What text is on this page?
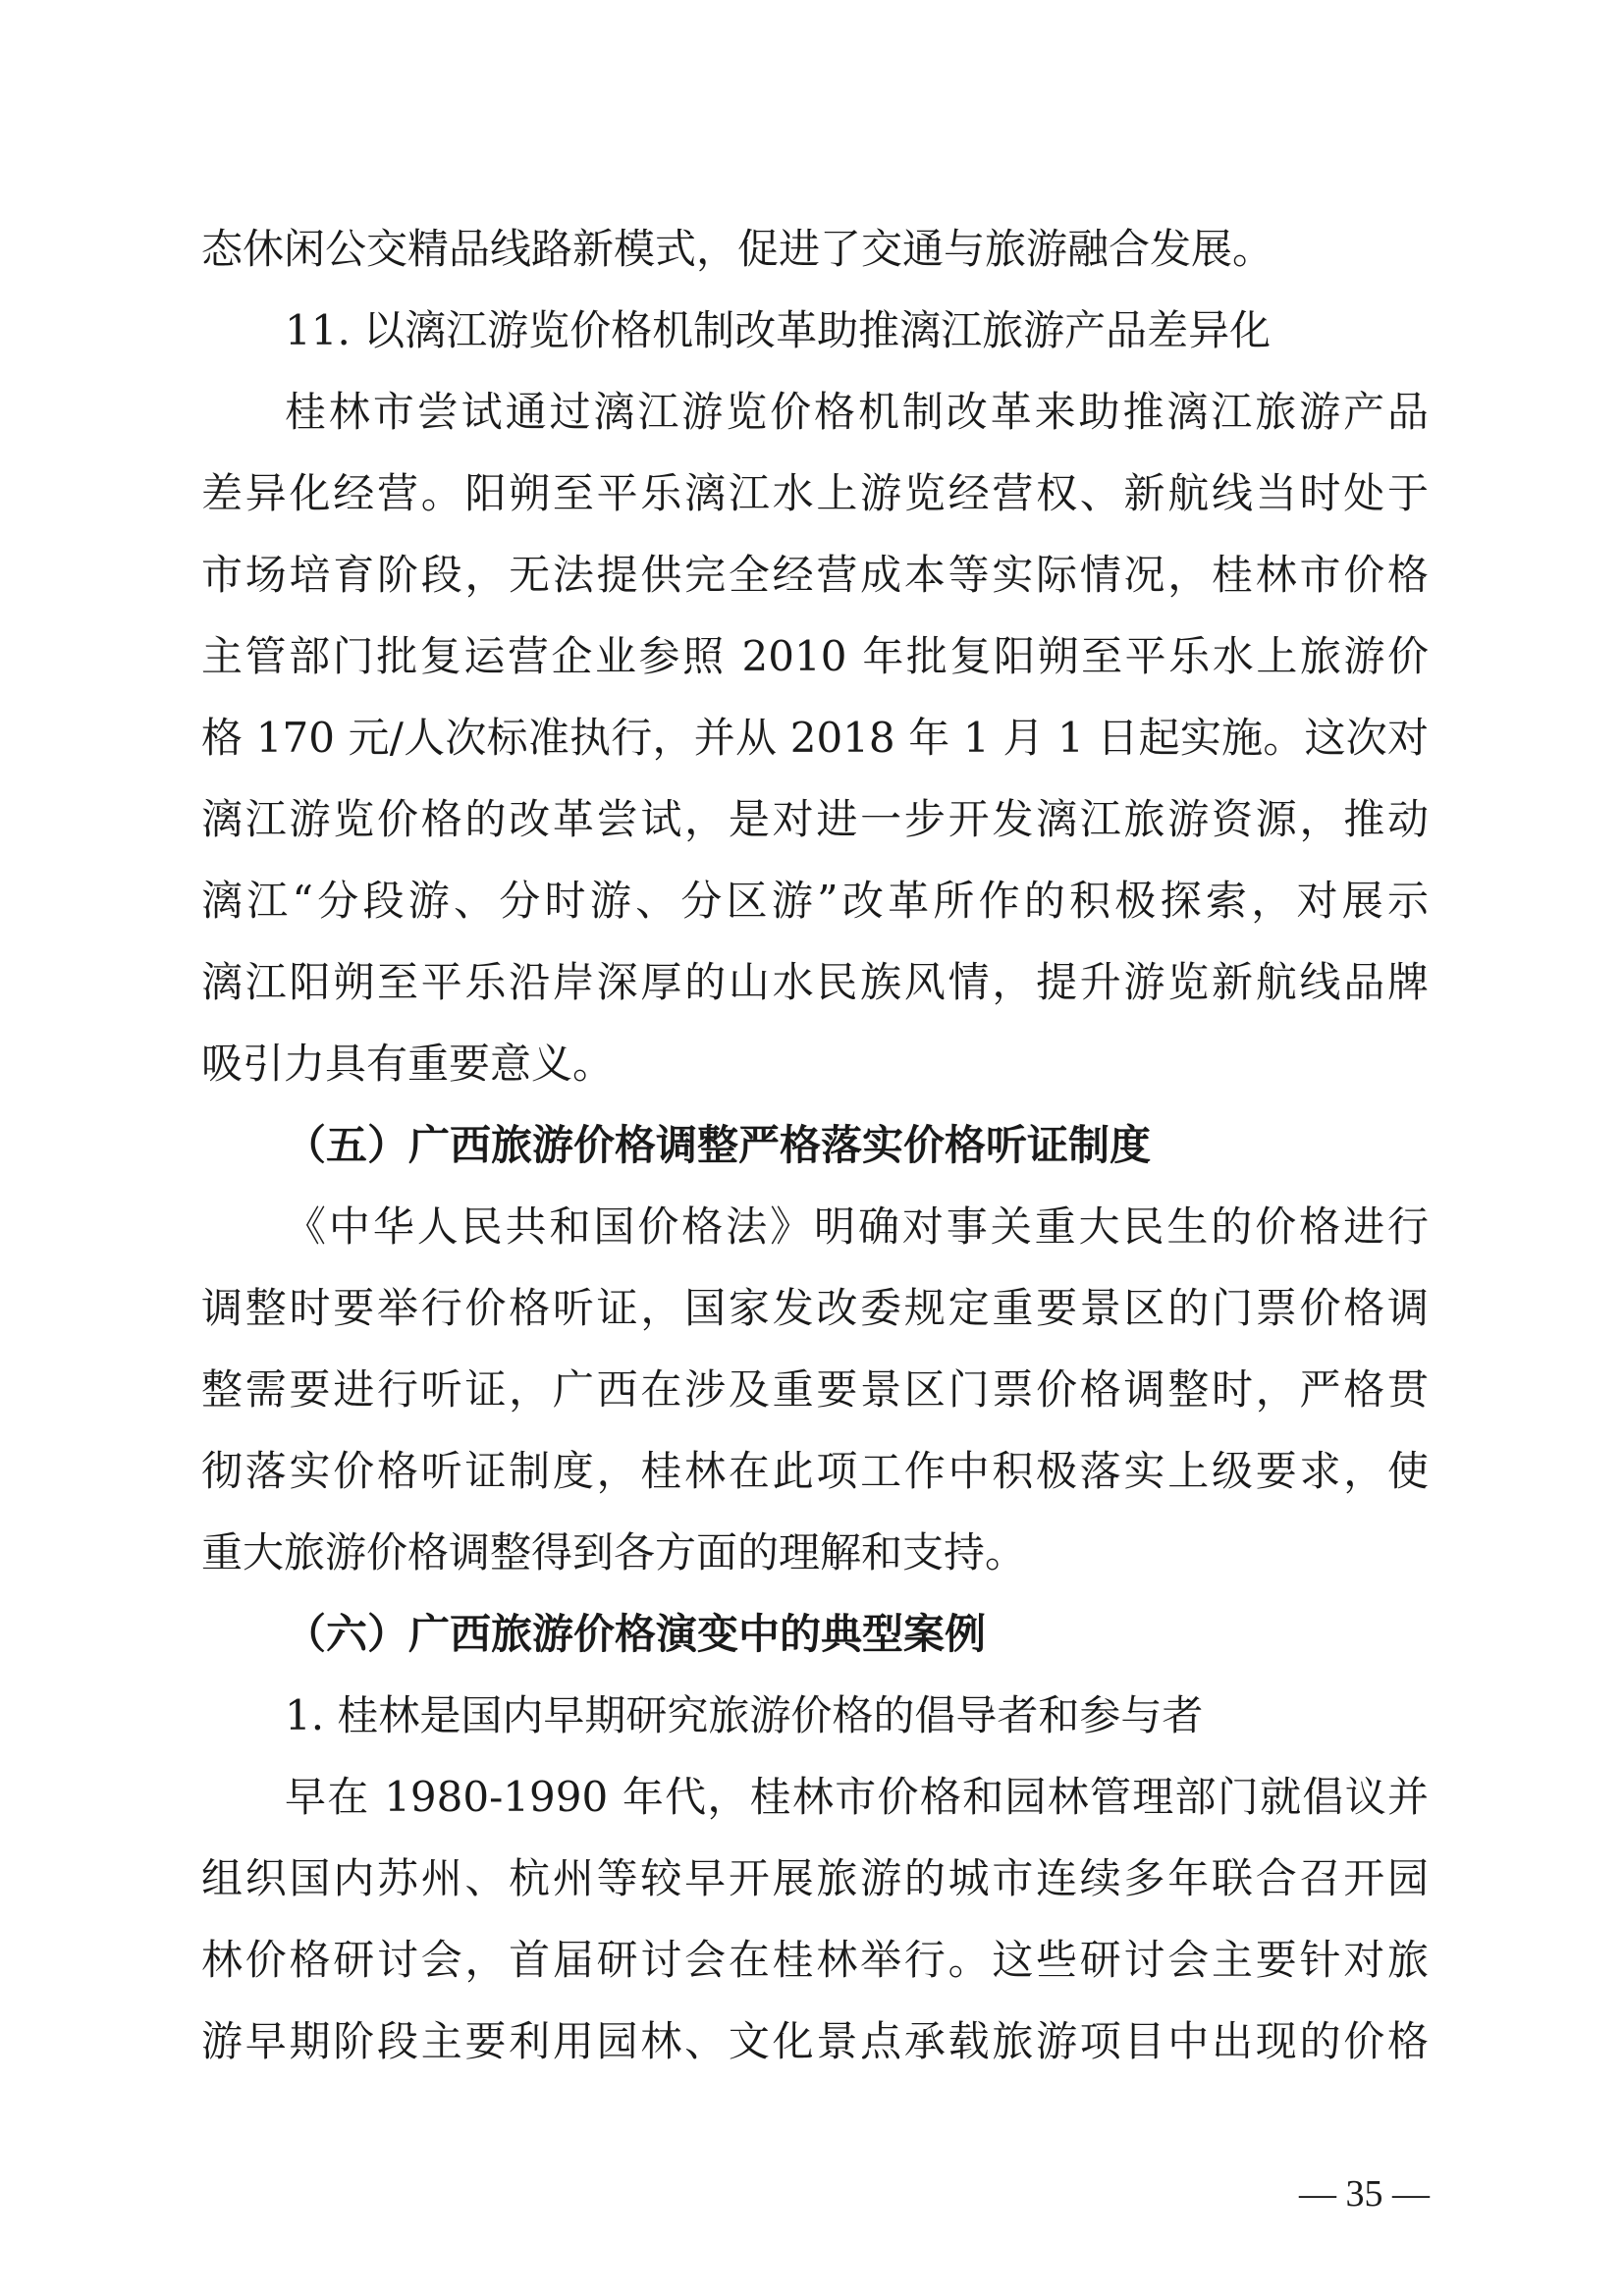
态休闲公交精品线路新模式，促进了交通与旅游融合发展。
11. 以漓江游览价格机制改革助推漓江旅游产品差异化
桂林市尝试通过漓江游览价格机制改革来助推漓江旅游产品
差异化经营。阳朔至平乐漓江水上游览经营权、新航线当时处于
市场培育阶段，无法提供完全经营成本等实际情况，桂林市价格
主管部门批复运营企业参照 2010 年批复阳朔至平乐水上旅游价
格 170 元/人次标准执行，并从 2018 年 1 月 1 日起实施。这次对
漓江游览价格的改革尝试，是对进一步开发漓江旅游资源，推动
漓江“分段游、分时游、分区游”改革所作的积极探索，对展示
漓江阳朔至平乐沿岸深厚的山水民族风情，提升游览新航线品牌
吸引力具有重要意义。
（五）广西旅游价格调整严格落实价格听证制度
《中华人民共和国价格法》明确对事关重大民生的价格进行
调整时要举行价格听证，国家发改委规定重要景区的门票价格调
整需要进行听证，广西在涉及重要景区门票价格调整时，严格贯
彻落实价格听证制度，桂林在此项工作中积极落实上级要求，使
重大旅游价格调整得到各方面的理解和支持。
（六）广西旅游价格演变中的典型案例
1. 桂林是国内早期研究旅游价格的倡导者和参与者
早在 1980-1990 年代，桂林市价格和园林管理部门就倡议并
组织国内苏州、杭州等较早开展旅游的城市连续多年联合召开园
林价格研讨会，首届研讨会在桂林举行。这些研讨会主要针对旅
游早期阶段主要利用园林、文化景点承载旅游项目中出现的价格
— 35 —
